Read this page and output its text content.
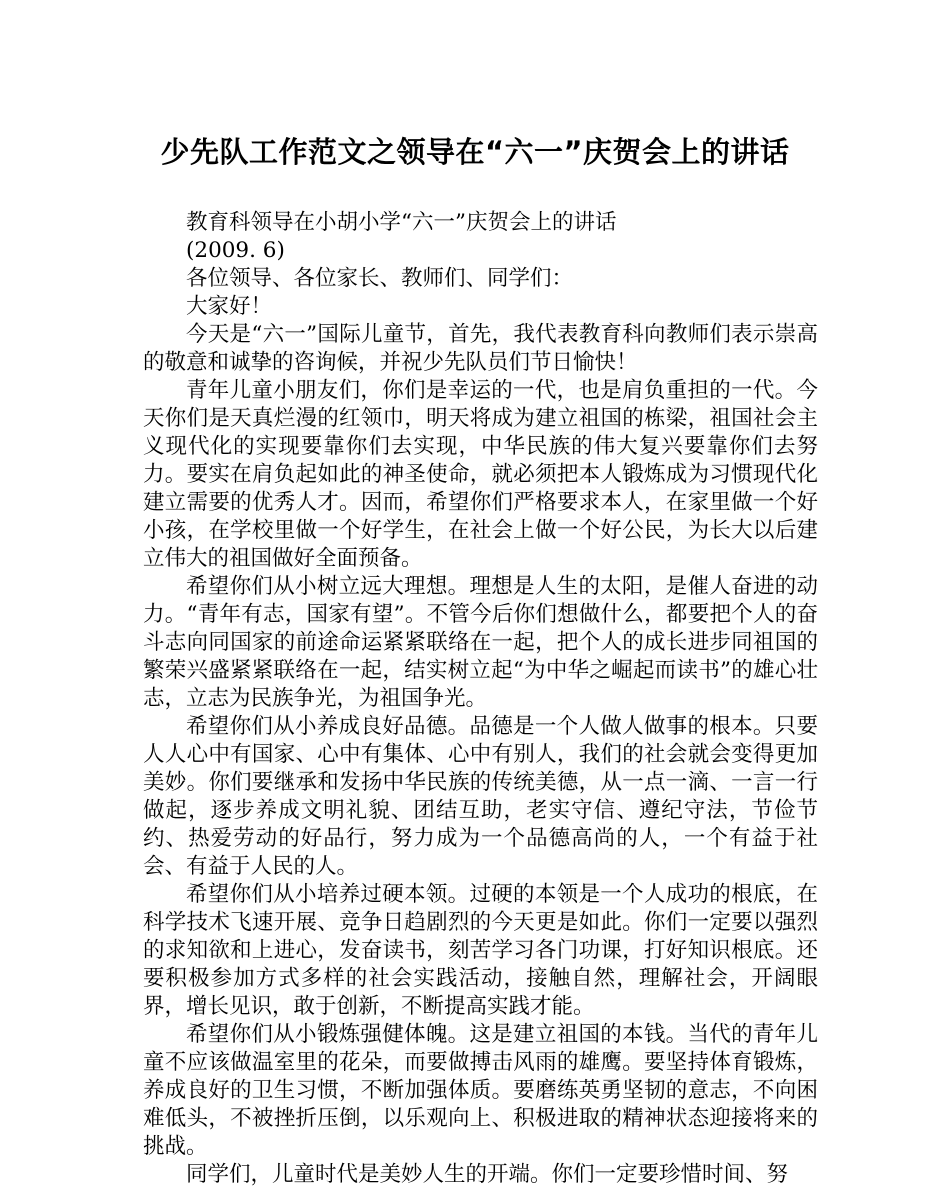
少先队工作范文之领导在“六一”庆贺会上的讲话

教育科领导在小胡小学“六一”庆贺会上的讲话

(2009. 6)

各位领导、各位家长、教师们、同学们：

大家好！

今天是“六一”国际儿童节，首先，我代表教育科向教师们表示崇高的敬意和诚挚的咨询候，并祝少先队员们节日愉快！

青年儿童小朋友们，你们是幸运的一代，也是肩负重担的一代。今天你们是天真烂漫的红领巾，明天将成为建立祖国的栋梁，祖国社会主义现代化的实现要靠你们去实现，中华民族的伟大复兴要靠你们去努力。要实在肩负起如此的神圣使命，就必须把本人锻炼成为习惯现代化建立需要的优秀人才。因而，希望你们严格要求本人，在家里做一个好小孩，在学校里做一个好学生，在社会上做一个好公民，为长大以后建立伟大的祖国做好全面预备。

希望你们从小树立远大理想。理想是人生的太阳，是催人奋进的动力。“青年有志，国家有望”。不管今后你们想做什么，都要把个人的奋斗志向同国家的前途命运紧紧联络在一起，把个人的成长进步同祖国的繁荣兴盛紧紧联络在一起，结实树立起“为中华之崛起而读书”的雄心壮志，立志为民族争光，为祖国争光。

希望你们从小养成良好品德。品德是一个人做人做事的根本。只要人人心中有国家、心中有集体、心中有别人，我们的社会就会变得更加美妙。你们要继承和发扬中华民族的传统美德，从一点一滴、一言一行做起，逐步养成文明礼貌、团结互助，老实守信、遵纪守法，节俭节约、热爱劳动的好品行，努力成为一个品德高尚的人，一个有益于社会、有益于人民的人。

希望你们从小培养过硬本领。过硬的本领是一个人成功的根底，在科学技术飞速开展、竞争日趋剧烈的今天更是如此。你们一定要以强烈的求知欲和上进心，发奋读书，刻苦学习各门功课，打好知识根底。还要积极参加方式多样的社会实践活动，接触自然，理解社会，开阔眼界，增长见识，敢于创新，不断提高实践才能。

希望你们从小锻炼强健体魄。这是建立祖国的本钱。当代的青年儿童不应该做温室里的花朵，而要做搏击风雨的雄鹰。要坚持体育锻炼，养成良好的卫生习惯，不断加强体质。要磨练英勇坚韧的意志，不向困难低头，不被挫折压倒，以乐观向上、积极进取的精神状态迎接将来的挑战。

同学们，儿童时代是美妙人生的开端。你们一定要珍惜时间、努
